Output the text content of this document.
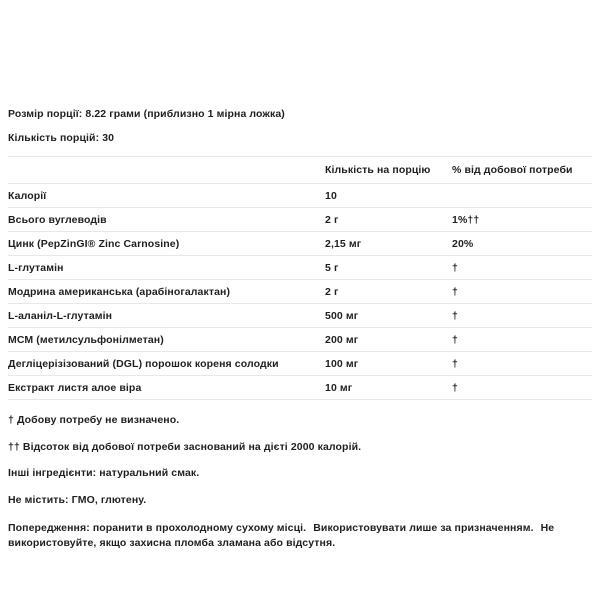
Розмір порції: 8.22 грами (приблизно 1 мірна ложка)

Кількість порцій: 30

	Кількість на порцію	% від добової потреби
Калорії	10	
Всього вуглеводів	2 г	1%††
Цинк (PepZinGI® Zinc Carnosine)	2,15 мг	20%
L-глутамін	5 г	†
Модрина американська (арабіногалактан)	2 г	†
L-аланіл-L-глутамін	500 мг	†
МСМ (метилсульфонілметан)	200 мг	†
Дегліцерізізований (DGL) порошок кореня солодки	100 мг	†
Екстракт листя алое віра	10 мг	†

† Добову потребу не визначено.

†† Відсоток від добової потреби заснований на дієті 2000 калорій.

Інші інгредієнти: натуральний смак.

Не містить: ГМО, глютену.

Попередження: поранити в прохолодному сухому місці. Використовувати лише за призначенням. Не використовуйте, якщо захисна пломба зламана або відсутня.
